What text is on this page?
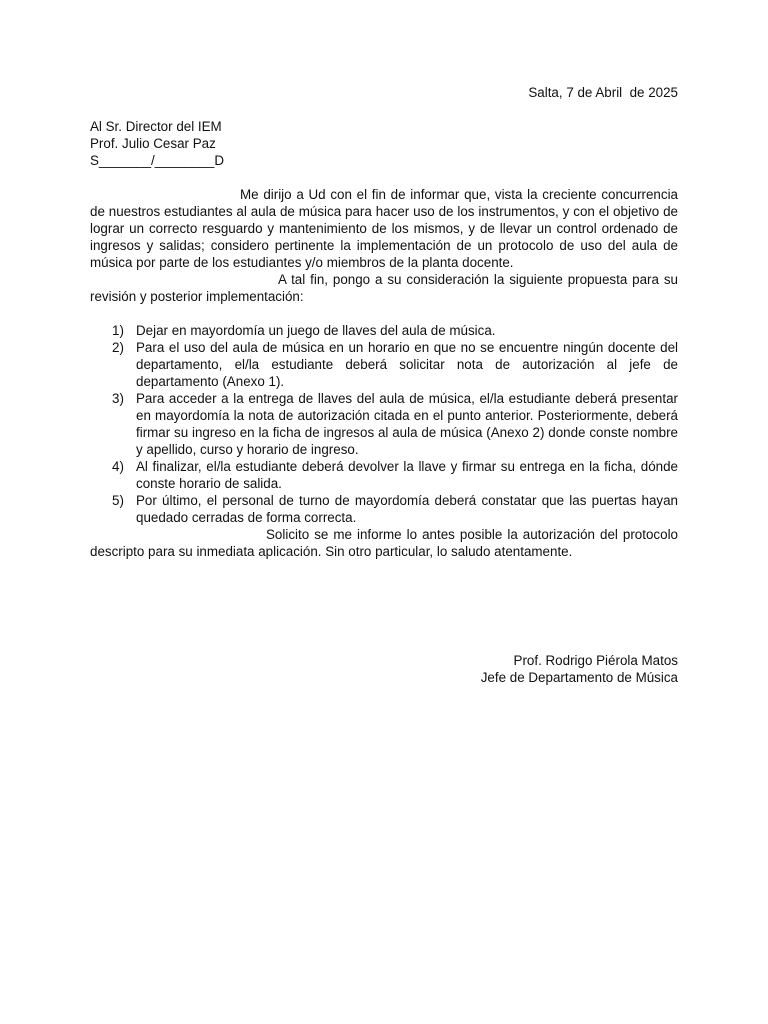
Salta, 7 de Abril  de 2025
Al Sr. Director del IEM
Prof. Julio Cesar Paz
S_______/________D

Me dirijo a Ud con el fin de informar que, vista la creciente concurrencia de nuestros estudiantes al aula de música para hacer uso de los instrumentos, y con el objetivo de lograr un correcto resguardo y mantenimiento de los mismos, y de llevar un control ordenado de ingresos y salidas; considero pertinente la implementación de un protocolo de uso del aula de música por parte de los estudiantes y/o miembros de la planta docente.

A tal fin, pongo a su consideración la siguiente propuesta para su revisión y posterior implementación:

1) Dejar en mayordomía un juego de llaves del aula de música.
2) Para el uso del aula de música en un horario en que no se encuentre ningún docente del departamento, el/la estudiante deberá solicitar nota de autorización al jefe de departamento (Anexo 1).
3) Para acceder a la entrega de llaves del aula de música, el/la estudiante deberá presentar en mayordomía la nota de autorización citada en el punto anterior. Posteriormente, deberá firmar su ingreso en la ficha de ingresos al aula de música (Anexo 2) donde conste nombre y apellido, curso y horario de ingreso.
4) Al finalizar, el/la estudiante deberá devolver la llave y firmar su entrega en la ficha, dónde conste horario de salida.
5) Por último, el personal de turno de mayordomía deberá constatar que las puertas hayan quedado cerradas de forma correcta.

Solicito se me informe lo antes posible la autorización del protocolo descripto para su inmediata aplicación. Sin otro particular, lo saludo atentamente.

Prof. Rodrigo Piérola Matos
Jefe de Departamento de Música
